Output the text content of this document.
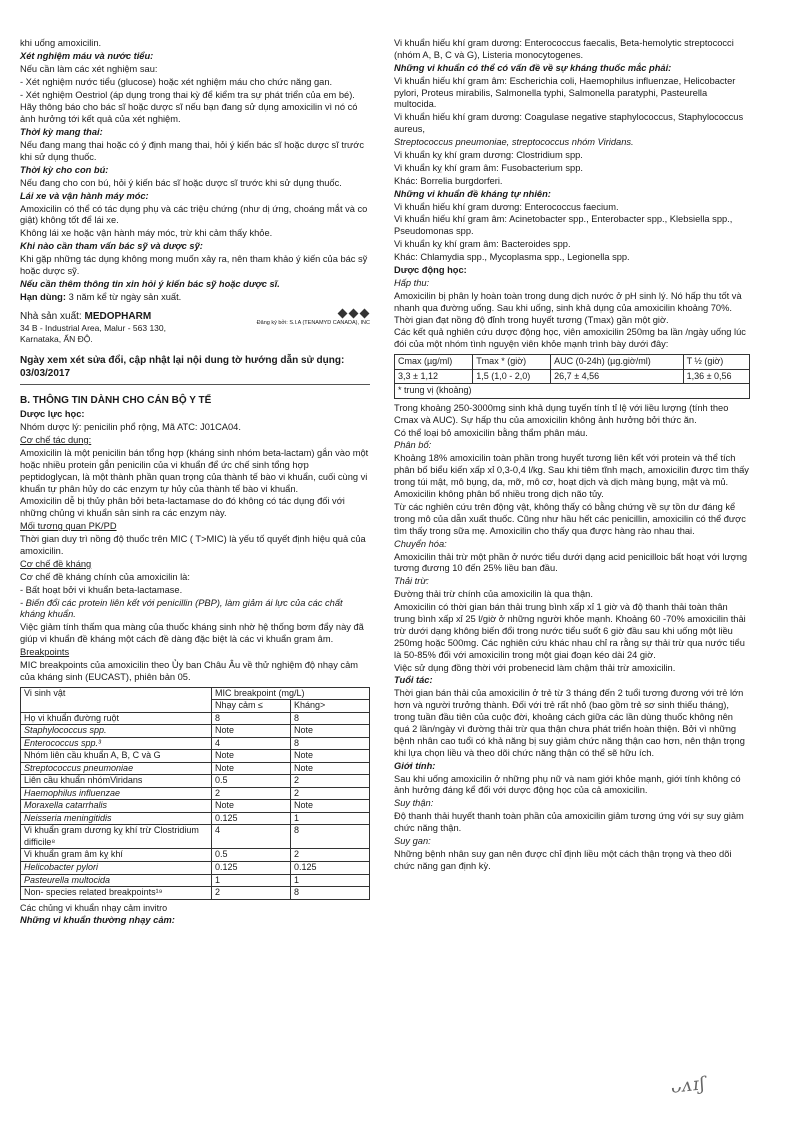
khi uống amoxicilin.

Xét nghiệm máu và nước tiểu:

Nếu cần làm các xét nghiệm sau:

- Xét nghiệm nước tiểu (glucose) hoặc xét nghiệm máu cho chức năng gan.

- Xét nghiệm Oestriol (áp dụng trong thai kỳ để kiểm tra sự phát triển của em bé).

Hãy thông báo cho bác sĩ hoặc dược sĩ nếu bạn đang sử dụng amoxicilin vì nó có ảnh hưởng tới kết quả của xét nghiệm.

Thời kỳ mang thai:

Nếu đang mang thai hoặc có ý định mang thai, hỏi ý kiến bác sĩ hoặc dược sĩ trước khi sử dụng thuốc.

Thời kỳ cho con bú:

Nếu đang cho con bú, hỏi ý kiến bác sĩ hoặc dược sĩ trước khi sử dụng thuốc.

Lái xe và vận hành máy móc:

Amoxicilin có thể có tác dụng phụ và các triệu chứng (như dị ứng, choáng mắt và co giật) không tốt để lái xe.

Không lái xe hoặc vận hành máy móc, trừ khi cảm thấy khỏe.

Khi nào cần tham vấn bác sỹ và dược sỹ:

Khi gặp những tác dụng không mong muốn xảy ra, nên tham khảo ý kiến của bác sỹ hoặc dược sỹ.

Nếu cần thêm thông tin xin hỏi ý kiến bác sỹ hoặc dược sĩ.

Hạn dùng: 3 năm kể từ ngày sản xuất.

Nhà sản xuất: MEDOPHARM
34 B - Industrial Area, Malur - 563 130,
Karnataka, ẤN ĐỘ.
Đăng ký bởi: S.I.A (TENAMYD CANADA), INC
Ngày xem xét sửa đổi, cập nhật lại nội dung tờ hướng dẫn sử dụng: 03/03/2017

B. THÔNG TIN DÀNH CHO CÁN BỘ Y TẾ

Dược lực học:

Nhóm dược lý: penicilin phổ rộng, Mã ATC: J01CA04.

Cơ chế tác dụng:

Amoxicilin là một penicilin bán tổng hợp (kháng sinh nhóm beta-lactam) gắn vào một hoặc nhiều protein gắn penicilin của vi khuẩn để ức chế sinh tổng hợp peptidoglycan, là một thành phần quan trọng của thành tế bào vi khuẩn, cuối cùng vi khuẩn tự phân hủy do các enzym tự hủy của thành tế bào vi khuẩn.

Amoxicilin dễ bị thủy phân bởi beta-lactamase do đó không có tác dụng đối với những chủng vi khuẩn sản sinh ra các enzym này.

Mối tương quan PK/PD

Thời gian duy trì nồng độ thuốc trên MIC ( T>MIC) là yếu tố quyết định hiệu quả của amoxicilin.

Cơ chế đề kháng

Cơ chế đề kháng chính của amoxicilin là:

- Bất hoạt bởi vi khuẩn beta-lactamase.

- Biến đổi các protein liên kết với penicillin (PBP), làm giảm ái lực của các chất kháng khuẩn.

Việc giảm tính thấm qua màng của thuốc kháng sinh nhờ hệ thống bơm đẩy này đã giúp vi khuẩn đề kháng một cách đề dàng đặc biệt là các vi khuẩn gram âm.

Breakpoints

MIC breakpoints của amoxicilin theo Ủy ban Châu Âu về thử nghiệm độ nhạy cảm của kháng sinh (EUCAST), phiên bản 05.

Vi sinh vật	MIC breakpoint (mg/L)	
	Nhạy cảm ≤	Kháng>
Họ vi khuẩn đường ruột	8	8
Staphylococcus spp.	Note	Note
Enterococcus spp.³	4	8
Nhóm liên cầu khuẩn A, B, C và G	Note	Note
Streptococcus pneumoniae	Note	Note
Liên cầu khuẩn nhómViridans	0.5	2
Haemophilus influenzae	2	2
Moraxella catarrhalis	Note	Note
Neisseria meningitidis	0.125	1
Vi khuẩn gram dương kỵ khí trừ Clostridium difficile⁸	4	8
Vi khuẩn gram âm kỵ khí	0.5	2
Helicobacter pylori	0.125	0.125
Pasteurella multocida	1	1
Non- species related breakpoints¹⁹	2	8

Các chủng vi khuẩn nhạy cảm invitro

Những vi khuẩn thường nhạy cảm:

Vi khuẩn hiếu khí gram dương: Enterococcus faecalis, Beta-hemolytic streptococci (nhóm A, B, C và G), Listeria monocytogenes.

Những vi khuẩn có thể có vấn đề về sự kháng thuốc mắc phải:

Vi khuẩn hiếu khí gram âm: Escherichia coli, Haemophilus influenzae, Helicobacter pylori, Proteus mirabilis, Salmonella typhi, Salmonella paratyphi, Pasteurella multocida.

Vi khuẩn hiếu khí gram dương: Coagulase negative staphylococcus, Staphylococcus aureus,

Streptococcus pneumoniae, streptococcus nhóm Viridans.

Vi khuẩn kỵ khí gram dương: Clostridium spp.

Vi khuẩn kỵ khí gram âm: Fusobacterium spp.

Khác: Borrelia burgdorferi.

Những vi khuẩn đề kháng tự nhiên:

Vi khuẩn hiếu khí gram dương: Enterococcus faecium.

Vi khuẩn hiếu khí gram âm: Acinetobacter spp., Enterobacter spp., Klebsiella spp., Pseudomonas spp.

Vi khuẩn kỵ khí gram âm: Bacteroides spp.

Khác: Chlamydia spp., Mycoplasma spp., Legionella spp.

Dược động học:

Hấp thu:

Amoxicilin bị phân ly hoàn toàn trong dung dịch nước ở pH sinh lý. Nó hấp thu tốt và nhanh qua đường uống. Sau khi uống, sinh khả dụng của amoxicilin khoảng 70%. Thời gian đạt nồng độ đỉnh trong huyết tương (Tmax) gần một giờ.

Các kết quả nghiên cứu dược động học, viên amoxicilin 250mg ba lần /ngày uống lúc đói của một nhóm tình nguyện viên khỏe mạnh trình bày dưới đây:

Cmax (µg/ml)	Tmax * (giờ)	AUC (0-24h) (µg.giờ/ml)	T ½ (giờ)
3,3 ± 1,12	1,5 (1,0 - 2,0)	26,7 ± 4,56	1,36 ± 0,56
* trung vị (khoảng)			

Trong khoảng 250-3000mg sinh khả dụng tuyến tính tỉ lệ với liều lượng (tính theo Cmax và AUC). Sự hấp thu của amoxicilin không ảnh hưởng bởi thức ăn.

Có thể loại bỏ amoxicilin bằng thẩm phân máu.

Phân bố:

Khoảng 18% amoxicilin toàn phần trong huyết tương liên kết với protein và thể tích phân bố biểu kiến xấp xỉ 0,3-0,4 l/kg. Sau khi tiêm tĩnh mạch, amoxicilin được tìm thấy trong túi mật, mô bụng, da, mỡ, mô cơ, hoạt dịch và dịch màng bụng, mật và mủ. Amoxicilin không phân bố nhiều trong dịch não tủy.

Từ các nghiên cứu trên động vật, không thấy có bằng chứng về sự tồn dư đáng kể trong mô của dẫn xuất thuốc. Cũng như hầu hết các penicillin, amoxicilin có thể được tìm thấy trong sữa mẹ. Amoxicilin cho thấy qua được hàng rào nhau thai.

Chuyển hóa:

Amoxicilin thải trừ một phần ở nước tiểu dưới dạng acid penicilloic bất hoạt với lượng tương đương 10 đến 25% liều ban đầu.

Thải trừ:

Đường thải trừ chính của amoxicilin là qua thận.

Amoxicilin có thời gian bán thải trung bình xấp xỉ 1 giờ và độ thanh thải toàn thân trung bình xấp xỉ 25 l/giờ ở những người khỏe mạnh. Khoảng 60 -70% amoxicilin thải trừ dưới dạng không biến đổi trong nước tiểu suốt 6 giờ đầu sau khi uống một liều 250mg hoặc 500mg. Các nghiên cứu khác nhau chỉ ra rằng sự thải trừ qua nước tiểu là 50-85% đối với amoxicilin trong một giai đoạn kéo dài 24 giờ.

Việc sử dụng đồng thời với probenecid làm chậm thải trừ amoxicilin.

Tuổi tác:

Thời gian bán thải của amoxicilin ở trẻ từ 3 tháng đến 2 tuổi tương đương với trẻ lớn hơn và người trưởng thành. Đối với trẻ rất nhỏ (bao gồm trẻ sơ sinh thiếu tháng), trong tuần đầu tiên của cuộc đời, khoảng cách giữa các lần dùng thuốc không nên quá 2 lần/ngày vì đường thải trừ qua thận chưa phát triển hoàn thiện. Bởi vì những bệnh nhân cao tuổi có khả năng bị suy giảm chức năng thận cao hơn, nên thận trọng khi lựa chọn liều và theo dõi chức năng thận có thể sẽ hữu ích.

Giới tính:

Sau khi uống amoxicilin ở những phụ nữ và nam giới khỏe mạnh, giới tính không có ảnh hưởng đáng kể đối với dược động học của cả amoxicilin.

Suy thận:

Độ thanh thải huyết thanh toàn phần của amoxicilin giảm tương ứng với sự suy giảm chức năng thận.

Suy gan:

Những bệnh nhân suy gan nên được chỉ định liều một cách thận trọng và theo dõi chức năng gan định kỳ.

ᴗᴧɪʃ
